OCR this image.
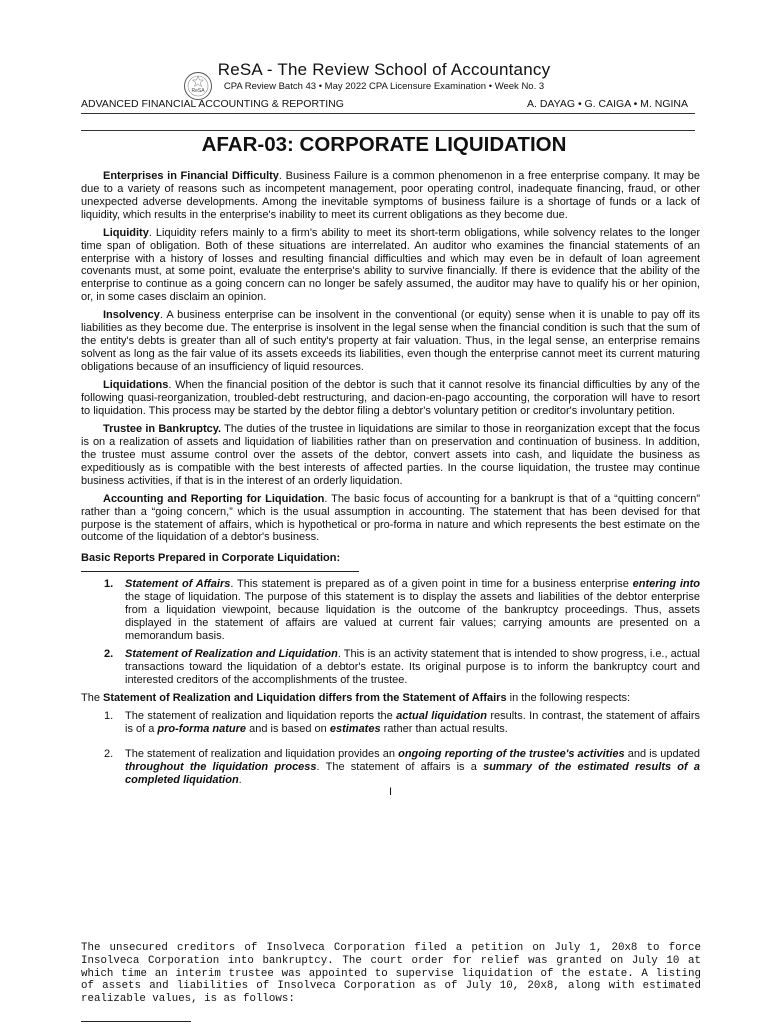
ReSA
ReSA - The Review School of Accountancy
CPA Review Batch 43 • May 2022 CPA Licensure Examination • Week No. 3
ADVANCED FINANCIAL ACCOUNTING & REPORTING	A. DAYAG • G. CAIGA • M. NGINA
AFAR-03: CORPORATE LIQUIDATION

Enterprises in Financial Difficulty. Business Failure is a common phenomenon in a free enterprise company. It may be due to a variety of reasons such as incompetent management, poor operating control, inadequate financing, fraud, or other unexpected adverse developments. Among the inevitable symptoms of business failure is a shortage of funds or a lack of liquidity, which results in the enterprise's inability to meet its current obligations as they become due.

Liquidity. Liquidity refers mainly to a firm's ability to meet its short-term obligations, while solvency relates to the longer time span of obligation. Both of these situations are interrelated. An auditor who examines the financial statements of an enterprise with a history of losses and resulting financial difficulties and which may even be in default of loan agreement covenants must, at some point, evaluate the enterprise's ability to survive financially. If there is evidence that the ability of the enterprise to continue as a going concern can no longer be safely assumed, the auditor may have to qualify his or her opinion, or, in some cases disclaim an opinion.

Insolvency. A business enterprise can be insolvent in the conventional (or equity) sense when it is unable to pay off its liabilities as they become due. The enterprise is insolvent in the legal sense when the financial condition is such that the sum of the entity's debts is greater than all of such entity's property at fair valuation. Thus, in the legal sense, an enterprise remains solvent as long as the fair value of its assets exceeds its liabilities, even though the enterprise cannot meet its current maturing obligations because of an insufficiency of liquid resources.

Liquidations. When the financial position of the debtor is such that it cannot resolve its financial difficulties by any of the following quasi-reorganization, troubled-debt restructuring, and dacion-en-pago accounting, the corporation will have to resort to liquidation. This process may be started by the debtor filing a debtor's voluntary petition or creditor's involuntary petition.

Trustee in Bankruptcy. The duties of the trustee in liquidations are similar to those in reorganization except that the focus is on a realization of assets and liquidation of liabilities rather than on preservation and continuation of business. In addition, the trustee must assume control over the assets of the debtor, convert assets into cash, and liquidate the business as expeditiously as is compatible with the best interests of affected parties. In the course liquidation, the trustee may continue business activities, if that is in the interest of an orderly liquidation.

Accounting and Reporting for Liquidation. The basic focus of accounting for a bankrupt is that of a “quitting concern” rather than a “going concern,” which is the usual assumption in accounting. The statement that has been devised for that purpose is the statement of affairs, which is hypothetical or pro-forma in nature and which represents the best estimate on the outcome of the liquidation of a debtor's business.

Basic Reports Prepared in Corporate Liquidation:
1. Statement of Affairs. This statement is prepared as of a given point in time for a business enterprise entering into the stage of liquidation. The purpose of this statement is to display the assets and liabilities of the debtor enterprise from a liquidation viewpoint, because liquidation is the outcome of the bankruptcy proceedings. Thus, assets displayed in the statement of affairs are valued at current fair values; carrying amounts are presented on a memorandum basis.
2. Statement of Realization and Liquidation. This is an activity statement that is intended to show progress, i.e., actual transactions toward the liquidation of a debtor's estate. Its original purpose is to inform the bankruptcy court and interested creditors of the accomplishments of the trustee.

The Statement of Realization and Liquidation differs from the Statement of Affairs in the following respects:

1. The statement of realization and liquidation reports the actual liquidation results. In contrast, the statement of affairs is of a pro-forma nature and is based on estimates rather than actual results.
2. The statement of realization and liquidation provides an ongoing reporting of the trustee's activities and is updated throughout the liquidation process. The statement of affairs is a summary of the estimated results of a completed liquidation.
I
The unsecured creditors of Insolveca Corporation filed a petition on July 1, 20x8 to force Insolveca Corporation into bankruptcy. The court order for relief was granted on July 10 at which time an interim trustee was appointed to supervise liquidation of the estate. A listing of assets and liabilities of Insolveca Corporation as of July 10, 20x8, along with estimated realizable values, is as follows:
